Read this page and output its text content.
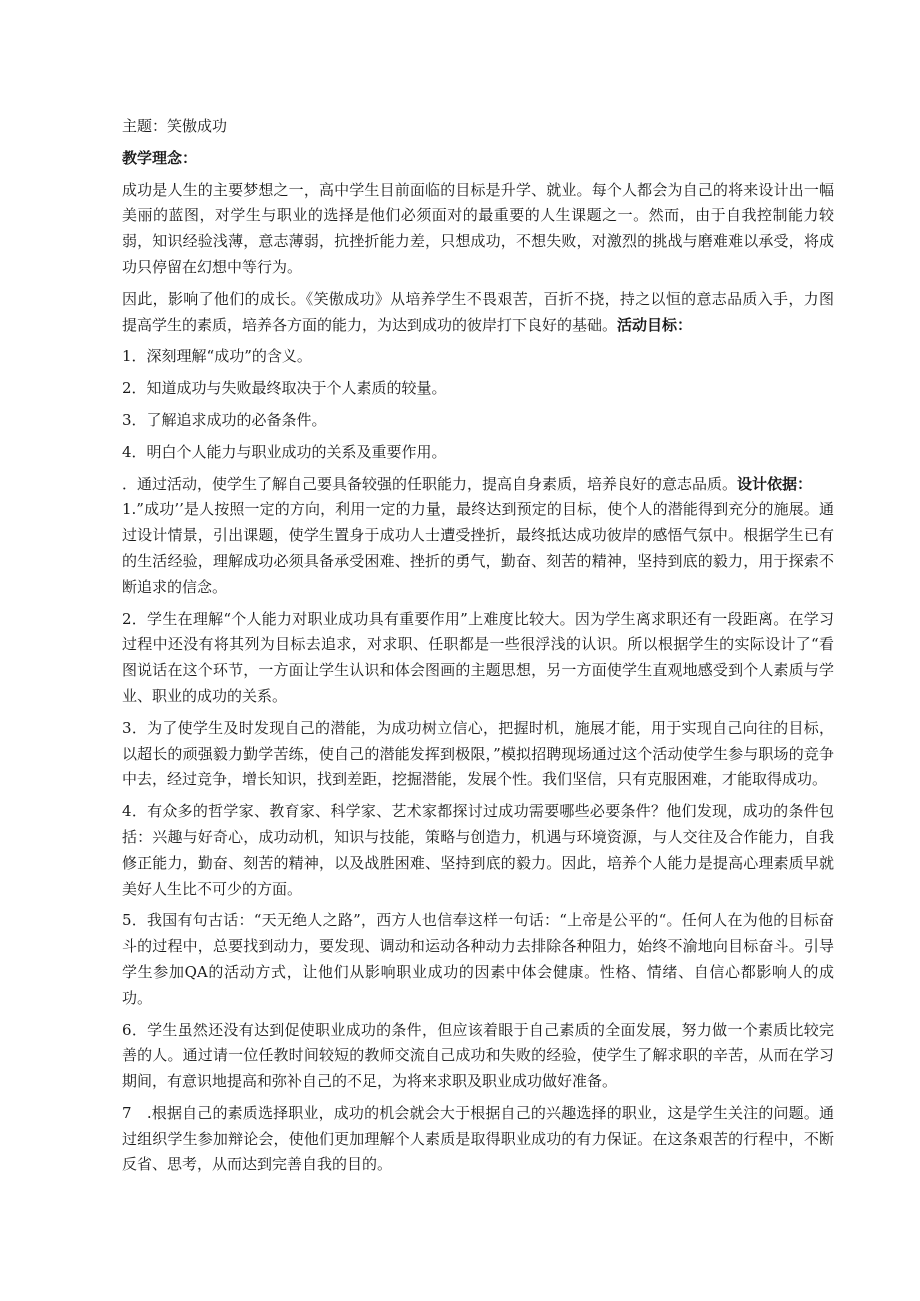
主题：笑傲成功

教学理念：

成功是人生的主要梦想之一，高中学生目前面临的目标是升学、就业。每个人都会为自己的将来设计出一幅美丽的蓝图，对学生与职业的选择是他们必须面对的最重要的人生课题之一。然而，由于自我控制能力较弱，知识经验浅薄，意志薄弱，抗挫折能力差，只想成功，不想失败，对激烈的挑战与磨难难以承受，将成功只停留在幻想中等行为。

因此，影响了他们的成长。《笑傲成功》从培养学生不畏艰苦，百折不挠，持之以恒的意志品质入手，力图提高学生的素质，培养各方面的能力，为达到成功的彼岸打下良好的基础。活动目标：

1．深刻理解“成功”的含义。

2．知道成功与失败最终取决于个人素质的较量。

3．了解追求成功的必备条件。

4．明白个人能力与职业成功的关系及重要作用。

．通过活动，使学生了解自己要具备较强的任职能力，提高自身素质，培养良好的意志品质。设计依据：

1.”成功’’是人按照一定的方向，利用一定的力量，最终达到预定的目标，使个人的潜能得到充分的施展。通过设计情景，引出课题，使学生置身于成功人士遭受挫折，最终抵达成功彼岸的感悟气氛中。根据学生已有的生活经验，理解成功必须具备承受困难、挫折的勇气，勤奋、刻苦的精神，坚持到底的毅力，用于探索不断追求的信念。

2．学生在理解“个人能力对职业成功具有重要作用”上难度比较大。因为学生离求职还有一段距离。在学习过程中还没有将其列为目标去追求，对求职、任职都是一些很浮浅的认识。所以根据学生的实际设计了“看图说话在这个环节，一方面让学生认识和体会图画的主题思想，另一方面使学生直观地感受到个人素质与学业、职业的成功的关系。

3．为了使学生及时发现自己的潜能，为成功树立信心，把握时机，施展才能，用于实现自己向往的目标，以超长的顽强毅力勤学苦练，使自己的潜能发挥到极限，”模拟招聘现场通过这个活动使学生参与职场的竞争中去，经过竞争，增长知识，找到差距，挖掘潜能，发展个性。我们坚信，只有克服困难，才能取得成功。

4．有众多的哲学家、教育家、科学家、艺术家都探讨过成功需要哪些必要条件？他们发现，成功的条件包括：兴趣与好奇心，成功动机，知识与技能，策略与创造力，机遇与环境资源，与人交往及合作能力，自我修正能力，勤奋、刻苦的精神，以及战胜困难、坚持到底的毅力。因此，培养个人能力是提高心理素质早就美好人生比不可少的方面。

5．我国有句古话：“天无绝人之路”，西方人也信奉这样一句话：“上帝是公平的“。任何人在为他的目标奋斗的过程中，总要找到动力，要发现、调动和运动各种动力去排除各种阻力，始终不渝地向目标奋斗。引导学生参加QA的活动方式，让他们从影响职业成功的因素中体会健康。性格、情绪、自信心都影响人的成功。

6．学生虽然还没有达到促使职业成功的条件，但应该着眼于自己素质的全面发展，努力做一个素质比较完善的人。通过请一位任教时间较短的教师交流自己成功和失败的经验，使学生了解求职的辛苦，从而在学习期间，有意识地提高和弥补自己的不足，为将来求职及职业成功做好准备。

7　.根据自己的素质选择职业，成功的机会就会大于根据自己的兴趣选择的职业，这是学生关注的问题。通过组织学生参加辩论会，使他们更加理解个人素质是取得职业成功的有力保证。在这条艰苦的行程中，不断反省、思考，从而达到完善自我的目的。
